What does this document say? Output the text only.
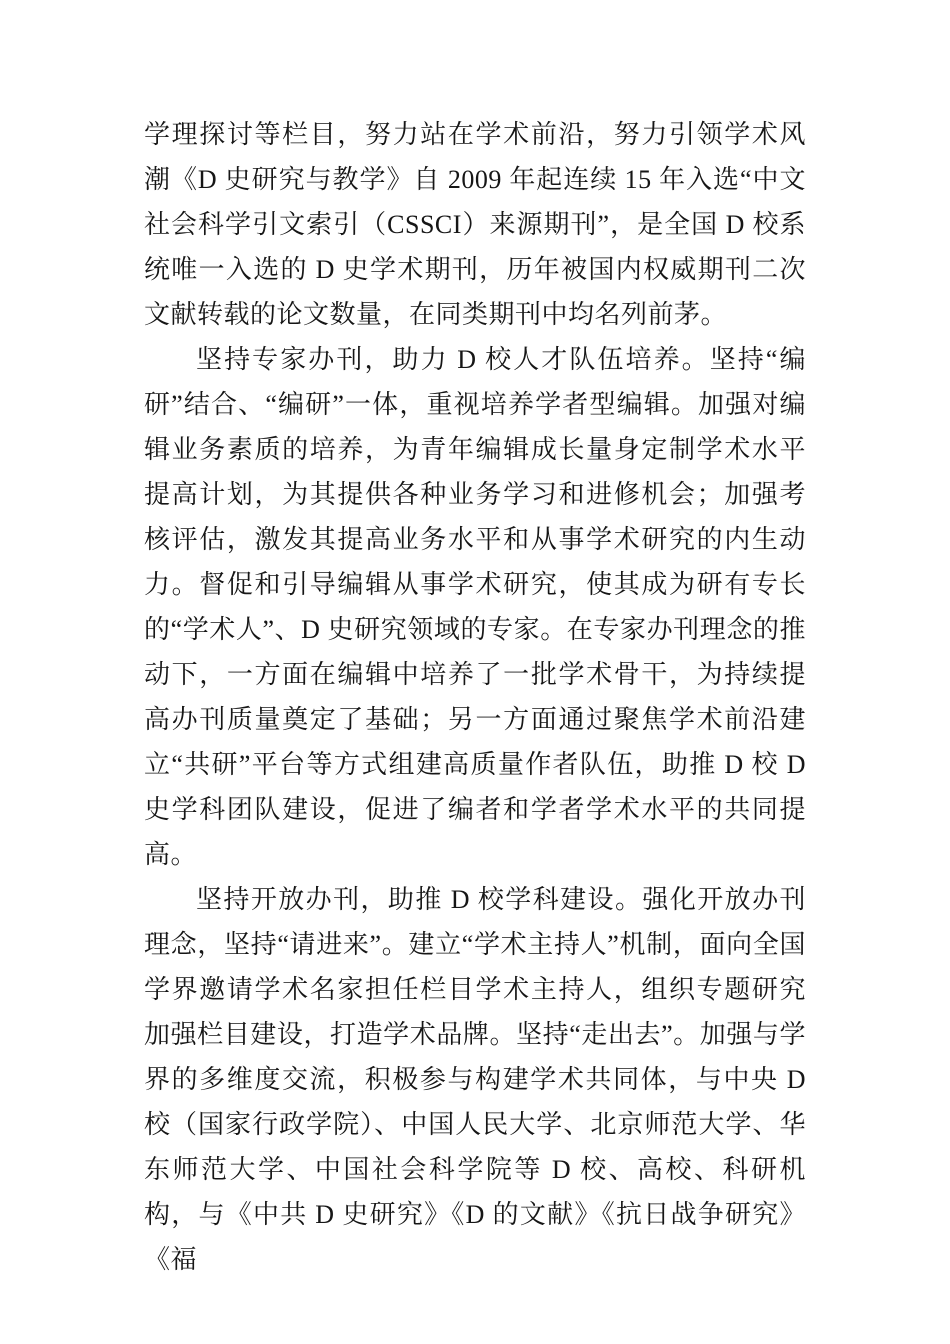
学理探讨等栏目，努力站在学术前沿，努力引领学术风潮《D 史研究与教学》自 2009 年起连续 15 年入选“中文社会科学引文索引（CSSCI）来源期刊”，是全国 D 校系统唯一入选的 D 史学术期刊，历年被国内权威期刊二次文献转载的论文数量，在同类期刊中均名列前茅。

坚持专家办刊，助力 D 校人才队伍培养。坚持“编研”结合、“编研”一体，重视培养学者型编辑。加强对编辑业务素质的培养，为青年编辑成长量身定制学术水平提高计划，为其提供各种业务学习和进修机会；加强考核评估，激发其提高业务水平和从事学术研究的内生动力。督促和引导编辑从事学术研究，使其成为研有专长的“学术人”、D 史研究领域的专家。在专家办刊理念的推动下，一方面在编辑中培养了一批学术骨干，为持续提高办刊质量奠定了基础；另一方面通过聚焦学术前沿建立“共研”平台等方式组建高质量作者队伍，助推 D 校 D 史学科团队建设，促进了编者和学者学术水平的共同提高。

坚持开放办刊，助推 D 校学科建设。强化开放办刊理念，坚持“请进来”。建立“学术主持人”机制，面向全国学界邀请学术名家担任栏目学术主持人，组织专题研究加强栏目建设，打造学术品牌。坚持“走出去”。加强与学界的多维度交流，积极参与构建学术共同体，与中央 D 校（国家行政学院）、中国人民大学、北京师范大学、华东师范大学、中国社会科学院等 D 校、高校、科研机构，与《中共 D 史研究》《D 的文献》《抗日战争研究》《福
